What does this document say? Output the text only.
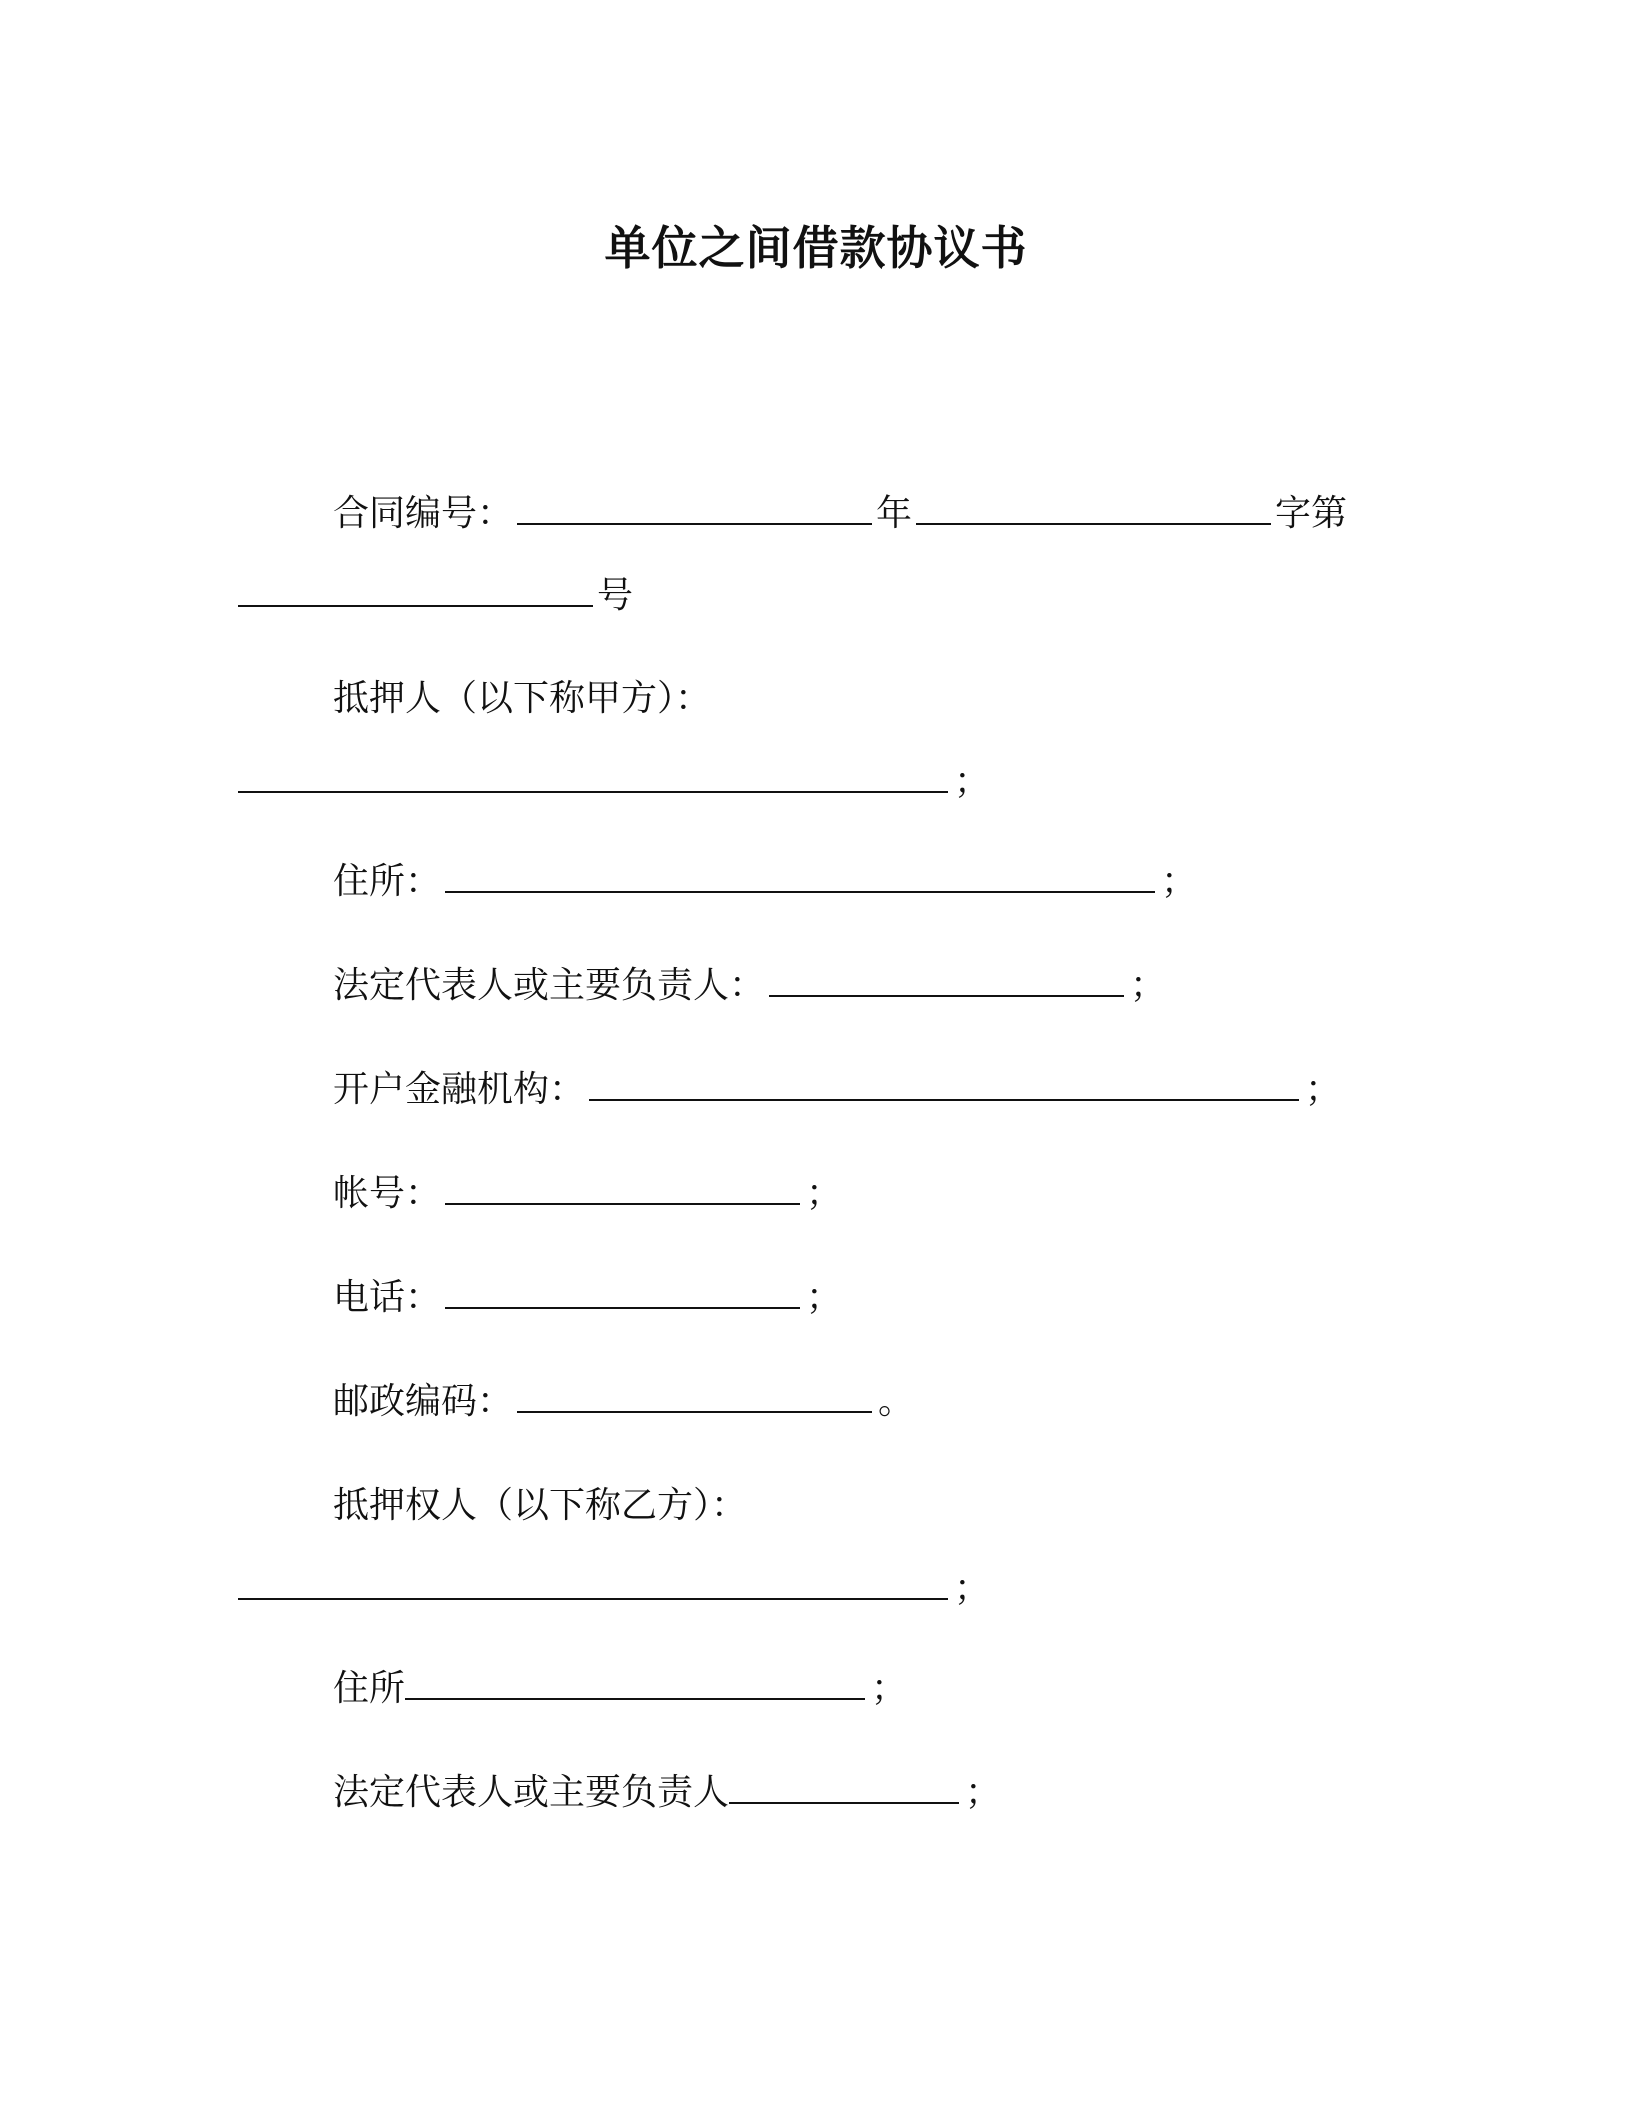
单位之间借款协议书
合同编号：	年	字第
号
抵押人（以下称甲方）：
；
住所：	；
法定代表人或主要负责人：	；
开户金融机构：	；
帐号：	；
电话：	；
邮政编码：	。
抵押权人（以下称乙方）：
；
住所	；
法定代表人或主要负责人	；
